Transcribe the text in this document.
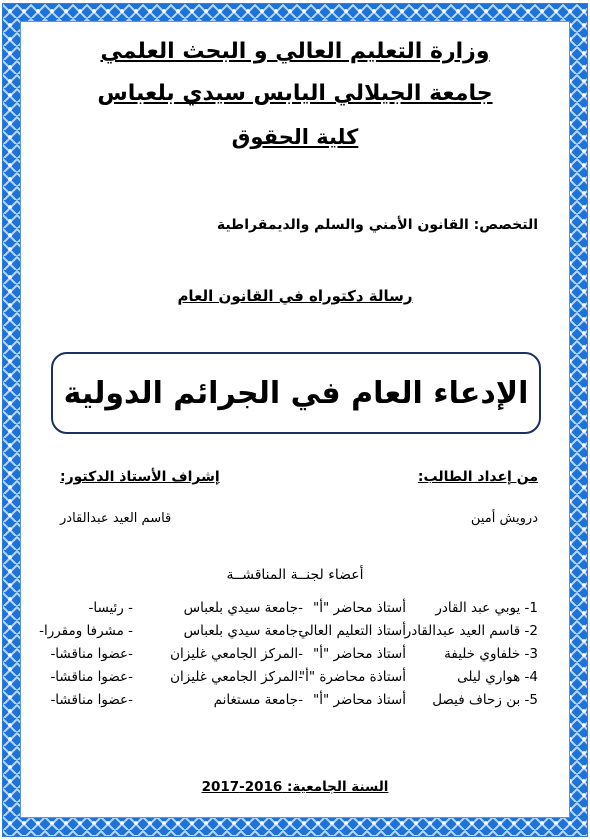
وزارة التعليم العالي و البحث العلمي
جامعة الجيلالي اليابس سيدي بلعباس
كلية الحقوق
التخصص: القانون الأمني والسلم والديمقراطية
رسالة دكتوراه في القانون العام
الإدعاء العام في الجرائم الدولية
من إعداد الطالب:
إشراف الأستاذ الدكتور:
درويش أمين
قاسم العيد عبدالقادر
أعضاء لجنــة المناقشــة
1- يوبي عبد القادر
أستاذ محاضر "أ"
-جامعة سيدي بلعباس
- رئيسا-
2- قاسم العيد عبدالقادر
أستاذ التعليم العالي
-جامعة سيدي بلعباس
- مشرفا ومقررا-
3- خلفاوي خليفة
أستاذ محاضر "أ"
-المركز الجامعي غليزان
-عضوا مناقشا-
4- هواري ليلى
أستاذة محاضرة "أ"
-المركز الجامعي غليزان
-عضوا مناقشا-
5- بن زحاف فيصل
أستاذ محاضر "أ"
-جامعة مستغانم
-عضوا مناقشا-
السنة الجامعية: 2016-2017
